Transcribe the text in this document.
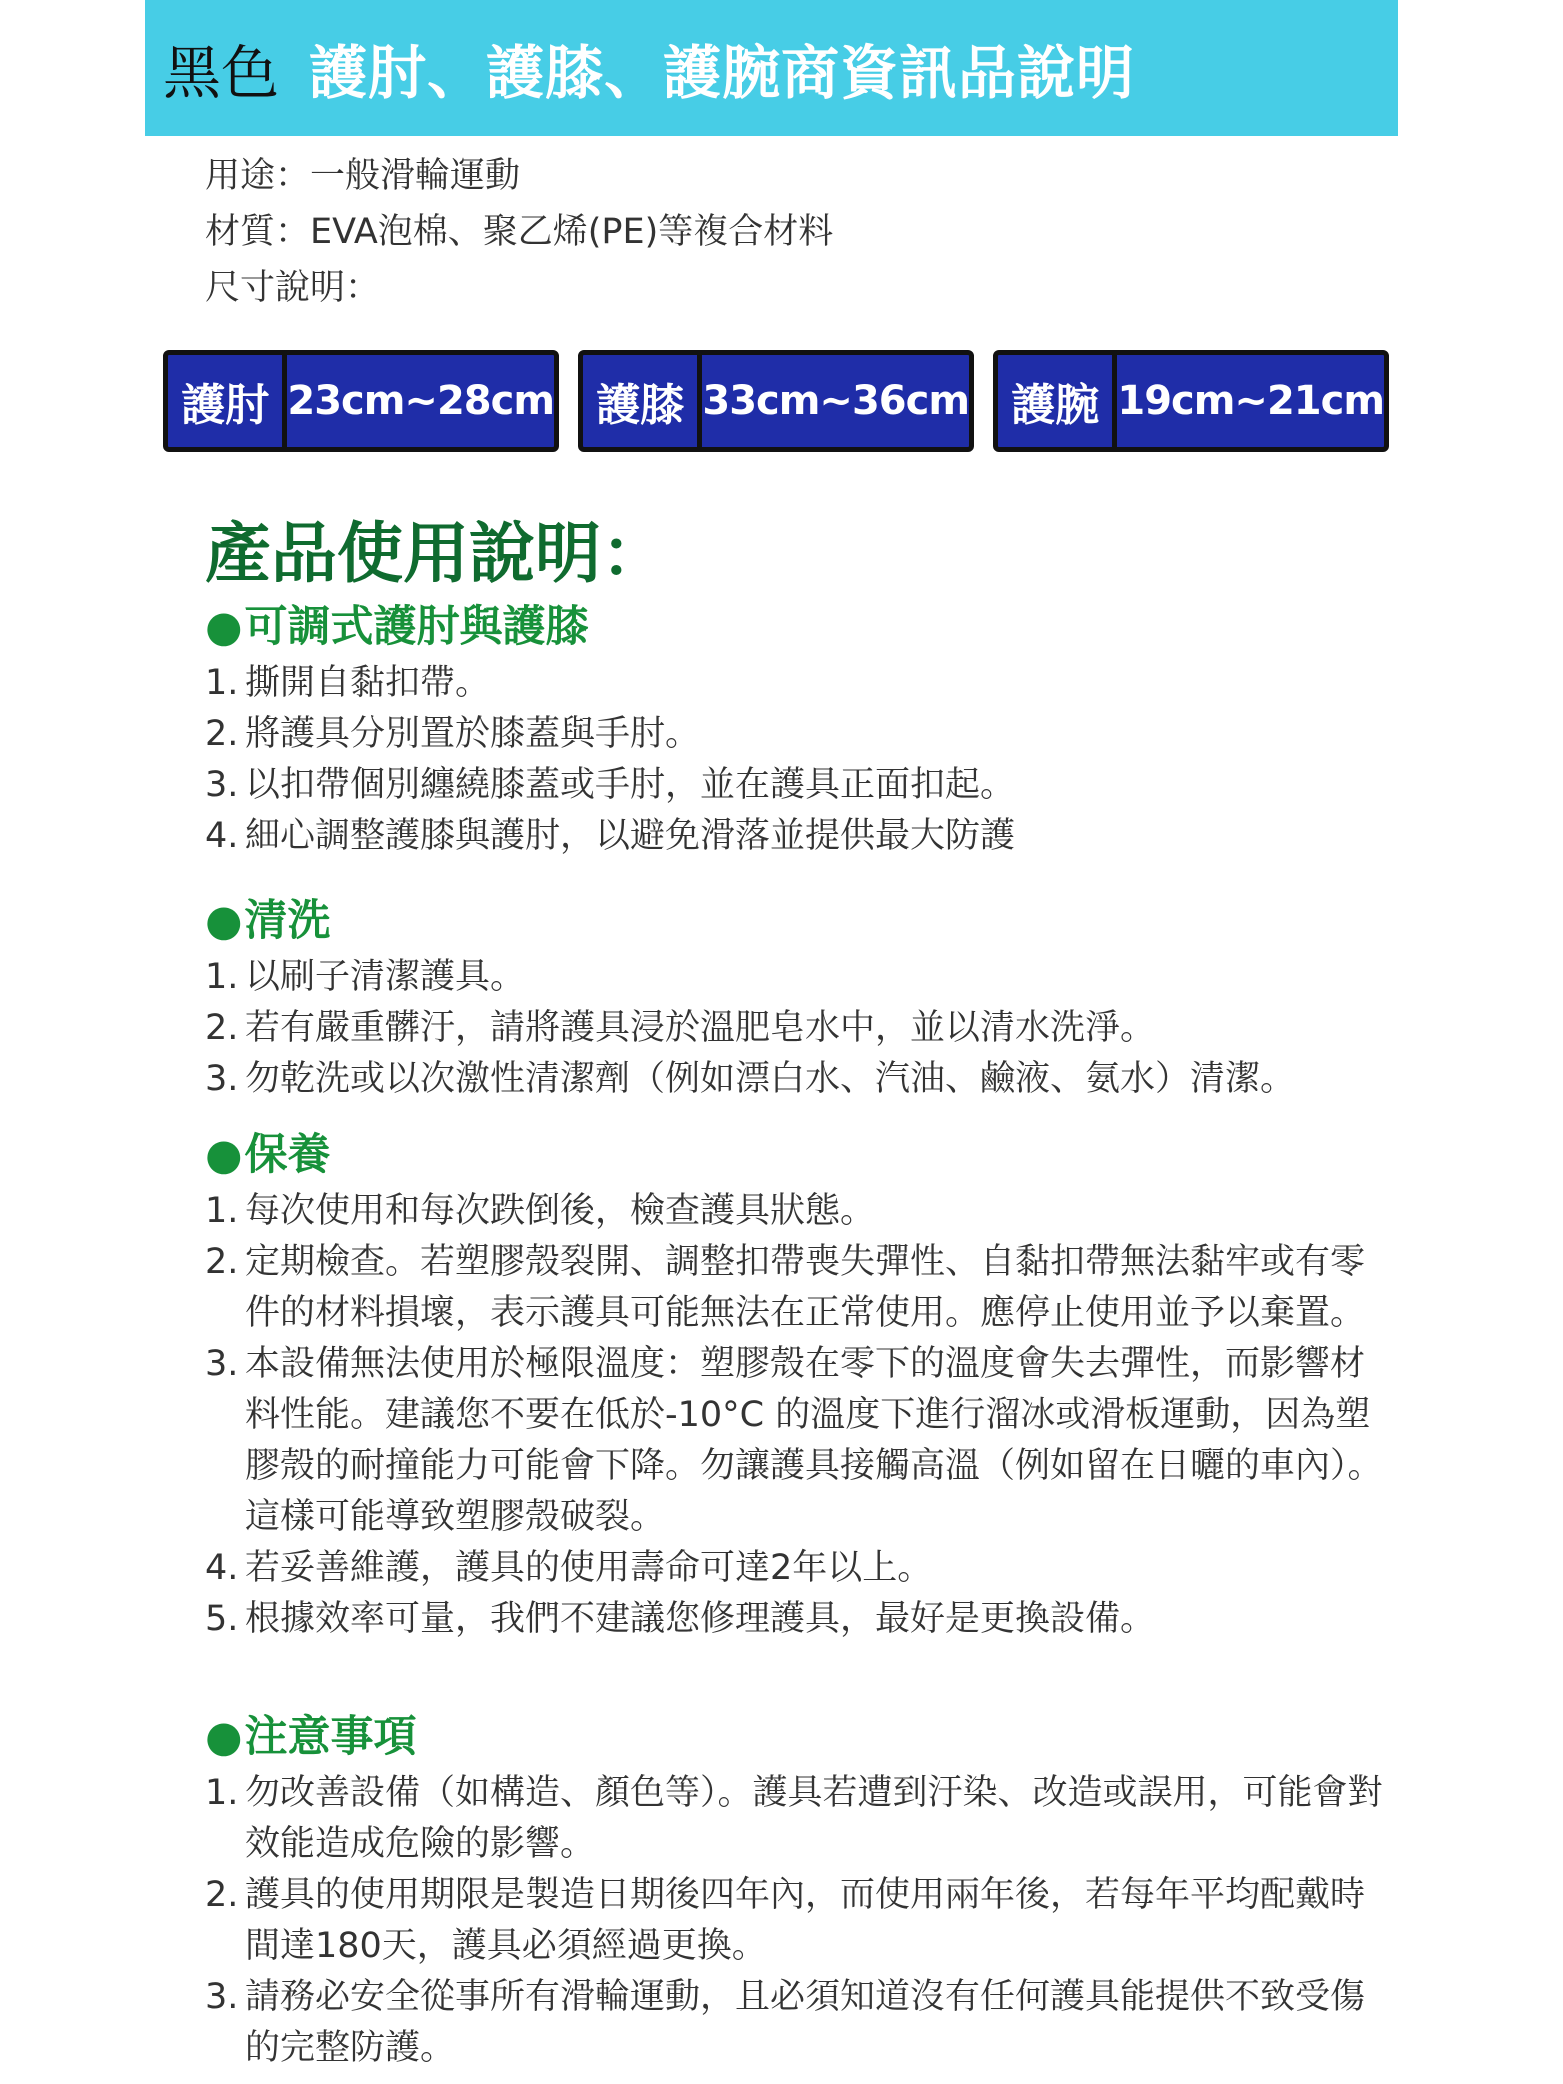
黑色 護肘、護膝、護腕商資訊品說明
用途：一般滑輪運動
材質：EVA泡棉、聚乙烯(PE)等複合材料
尺寸說明：
護肘 23cm~28cm 護膝 33cm~36cm 護腕 19cm~21cm
產品使用說明：
●可調式護肘與護膝
1. 撕開自黏扣帶。
2. 將護具分別置於膝蓋與手肘。
3. 以扣帶個別纏繞膝蓋或手肘，並在護具正面扣起。
4. 細心調整護膝與護肘，以避免滑落並提供最大防護
●清洗
1. 以刷子清潔護具。
2. 若有嚴重髒汙，請將護具浸於溫肥皂水中，並以清水洗淨。
3. 勿乾洗或以次激性清潔劑（例如漂白水、汽油、鹼液、氨水）清潔。
●保養
1. 每次使用和每次跌倒後，檢查護具狀態。
2. 定期檢查。若塑膠殼裂開、調整扣帶喪失彈性、自黏扣帶無法黏牢或有零件的材料損壞，表示護具可能無法在正常使用。應停止使用並予以棄置。
3. 本設備無法使用於極限溫度：塑膠殼在零下的溫度會失去彈性，而影響材料性能。建議您不要在低於-10°C 的溫度下進行溜冰或滑板運動，因為塑膠殼的耐撞能力可能會下降。勿讓護具接觸高溫（例如留在日曬的車內）。這樣可能導致塑膠殼破裂。
4. 若妥善維護，護具的使用壽命可達2年以上。
5. 根據效率可量，我們不建議您修理護具，最好是更換設備。
●注意事項
1. 勿改善設備（如構造、顏色等）。護具若遭到汙染、改造或誤用，可能會對效能造成危險的影響。
2. 護具的使用期限是製造日期後四年內，而使用兩年後，若每年平均配戴時間達180天，護具必須經過更換。
3. 請務必安全從事所有滑輪運動，且必須知道沒有任何護具能提供不致受傷的完整防護。
